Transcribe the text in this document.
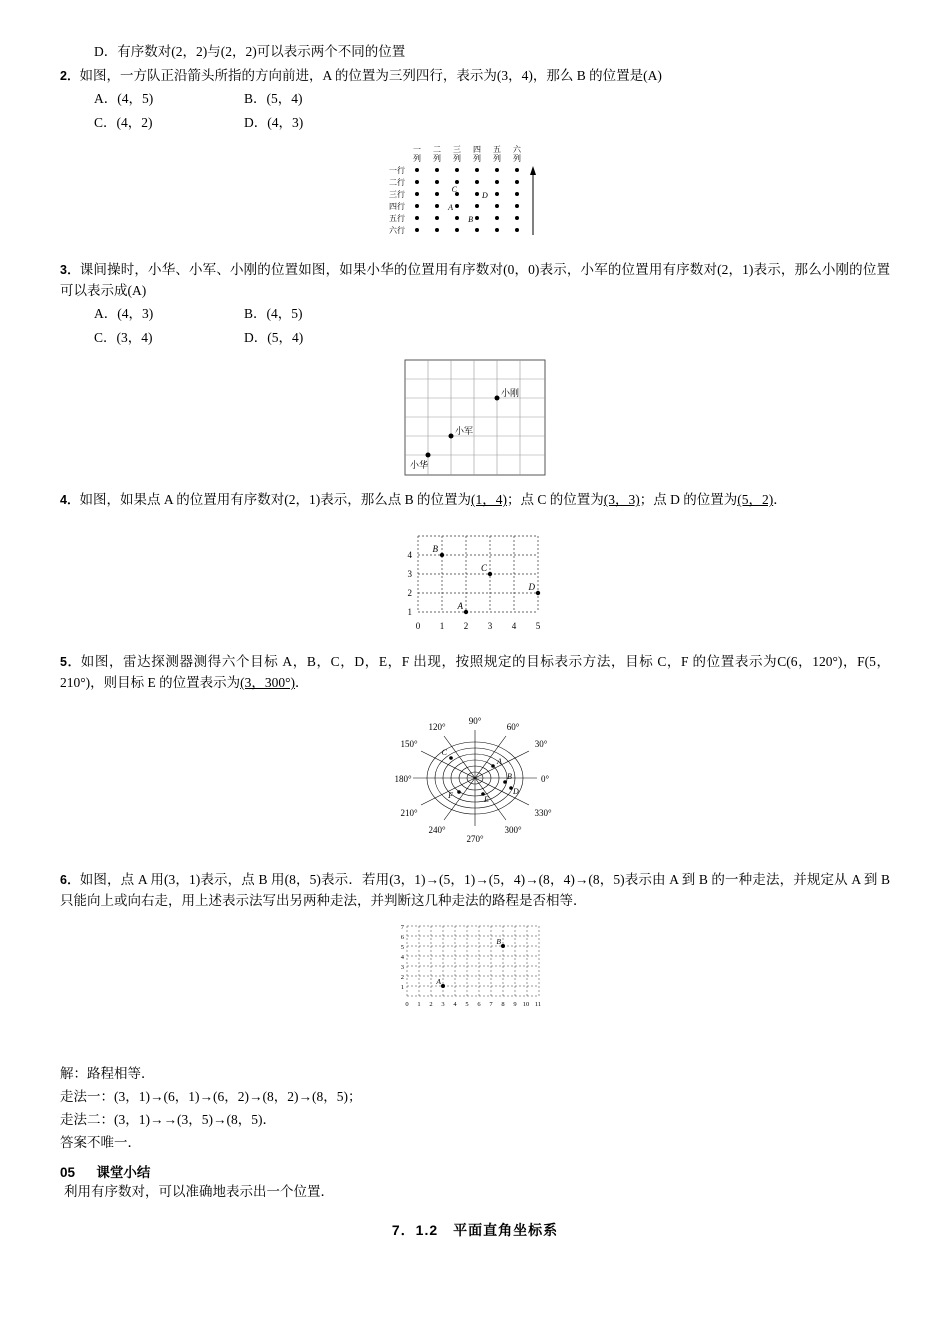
D．有序数对(2，2)与(2，2)可以表示两个不同的位置
2．如图，一方队正沿箭头所指的方向前进，A 的位置为三列四行，表示为(3，4)，那么 B 的位置是(A)
A．(4，5)	B．(5，4)
C．(4，2)	D．(4，3)
一
列
二
列
三
列
四
列
五
列
六
列
一行
二行
三行
四行
五行
六行
C
D
A
B
3．课间操时，小华、小军、小刚的位置如图，如果小华的位置用有序数对(0，0)表示，小军的位置用有序数对(2，1)表示，那么小刚的位置可以表示成(A)
A．(4，3)	B．(4，5)
C．(3，4)	D．(5，4)
小刚
小军
小华
4．如图，如果点 A 的位置用有序数对(2，1)表示，那么点 B 的位置为(1，4)；点 C 的位置为(3，3)；点 D 的位置为(5，2)．
1
2
3
4
0 1 2 3 4 5
B
C
D
A
5．如图，雷达探测器测得六个目标 A，B，C，D，E，F 出现，按照规定的目标表示方法，目标 C，F 的位置表示为C(6，120°)，F(5，210°)，则目标 E 的位置表示为(3，300°)．
C
A
B
D
E
F
90°
120°
150°
180°
210°
240°
270°
300°
330°
0°
30°
60°
6．如图，点 A 用(3，1)表示，点 B 用(8，5)表示．若用(3，1)→(5，1)→(5，4)→(8，4)→(8，5)表示由 A 到 B 的一种走法，并规定从 A 到 B 只能向上或向右走，用上述表示法写出另两种走法，并判断这几种走法的路程是否相等．
7
6
5
4
3
2
1
0 1 2 3 4 5 6 7 8 9 10 11
B
A
解：路程相等．
走法一：(3，1)→(6，1)→(6，2)→(8，2)→(8，5)；
走法二：(3，1)→→(3，5)→(8，5)．
答案不唯一．
05 课堂小结
利用有序数对，可以准确地表示出一个位置．
7．1.2　平面直角坐标系
